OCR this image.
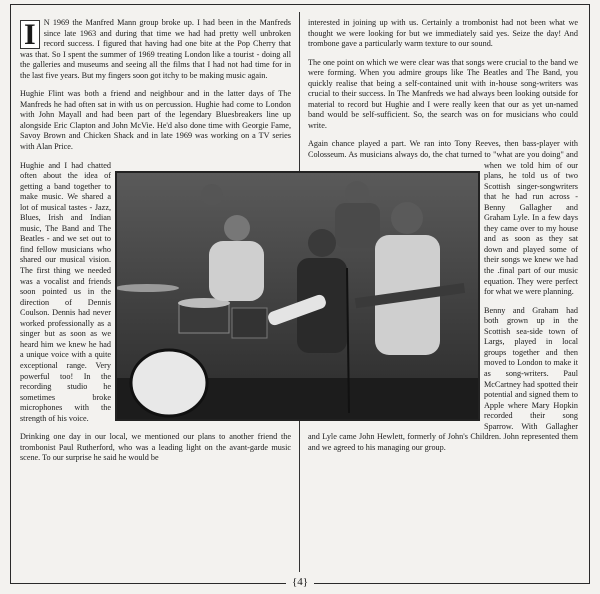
I N 1969 the Manfred Mann group broke up. I had been in the Manfreds since late 1963 and during that time we had had pretty well unbroken record success. I figured that having had one bite at the Pop Cherry that was that. So I spent the summer of 1969 treating London like a tourist - doing all the galleries and museums and seeing all the films that I had not had time for in the last five years. But my fingers soon got itchy to be making music again.

Hughie Flint was both a friend and neighbour and in the latter days of The Manfreds he had often sat in with us on percussion. Hughie had come to London with John Mayall and had been part of the legendary Bluesbreakers line up alongside Eric Clapton and John McVie. He'd also done time with Georgie Fame, Savoy Brown and Chicken Shack and in late 1969 was working on a TV series with Alan Price.

Hughie and I had chatted often about the idea of getting a band together to make music. We shared a lot of musical tastes - Jazz, Blues, Irish and Indian music, The Band and The Beatles - and we set out to find fellow musicians who shared our musical vision. The first thing we needed was a vocalist and friends soon pointed us in the direction of Dennis Coulson. Dennis had never worked professionally as a singer but as soon as we heard him we knew he had a unique voice with a quite exceptional range. Very powerful too! In the recording studio he sometimes broke microphones with the strength of his voice.

Drinking one day in our local, we mentioned our plans to another friend the trombonist Paul Rutherford, who was a leading light on the avant-garde music scene. To our surprise he said he would be

interested in joining up with us. Certainly a trombonist had not been what we thought we were looking for but we immediately said yes. Seize the day! And trombone gave a particularly warm texture to our sound.

The one point on which we were clear was that songs were crucial to the band we were forming. When you admire groups like The Beatles and The Band, you quickly realise that being a self-contained unit with in-house song-writers was crucial to their success. In The Manfreds we had always been looking outside for material to record but Hughie and I were really keen that our as yet un-named band would be self-sufficient. So, the search was on for musicians who could write.

Again chance played a part. We ran into Tony Reeves, then bass-player with Colosseum. As musicians always do, the chat turned to "what are you doing" and when we told him of our plans, he told us of two Scottish singer-songwriters that he had run across - Benny Gallagher and Graham Lyle. In a few days they came over to my house and as soon as they sat down and played some of their songs we knew we had the .final part of our music equation. They were perfect for what we were planning.

Benny and Graham had both grown up in the Scottish sea-side town of Largs, played in local groups together and then moved to London to make it as song-writers. Paul McCartney had spotted their potential and signed them to Apple where Mary Hopkin recorded their song Sparrow. With Gallagher and Lyle came John Hewlett, formerly of John's Children. John represented them and we agreed to his managing our group.

{4}
